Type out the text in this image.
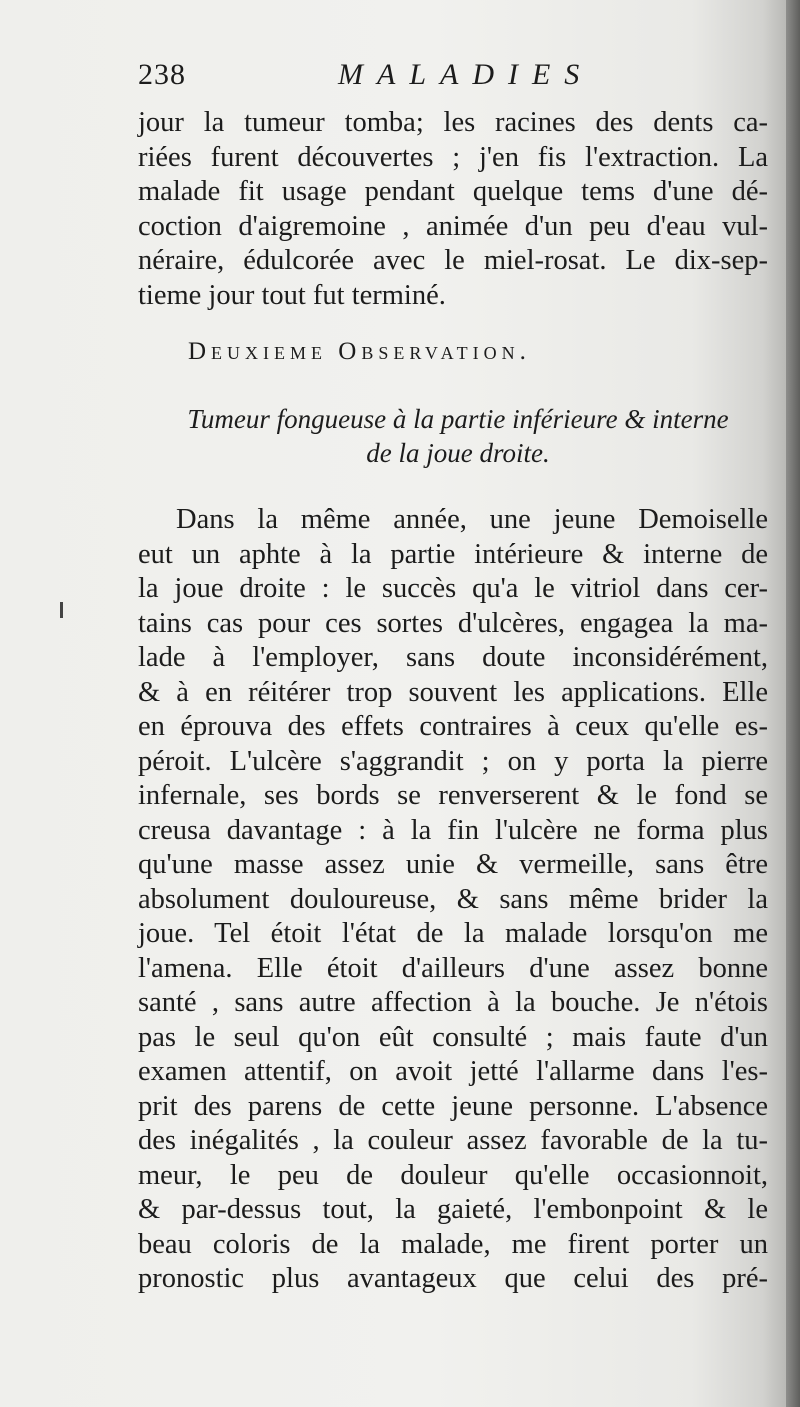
238	MALADIES
jour la tumeur tomba; les racines des dents ca-
riées furent découvertes ; j'en fis l'extraction. La
malade fit usage pendant quelque tems d'une dé-
coction d'aigremoine , animée d'un peu d'eau vul-
néraire, édulcorée avec le miel-rosat. Le dix-sep-
tieme jour tout fut terminé.
Deuxieme Observation.
Tumeur fongueuse à la partie inférieure & interne
de la joue droite.
Dans la même année, une jeune Demoiselle
eut un aphte à la partie intérieure & interne de
la joue droite : le succès qu'a le vitriol dans cer-
tains cas pour ces sortes d'ulcères, engagea la ma-
lade à l'employer, sans doute inconsidérément,
& à en réitérer trop souvent les applications. Elle
en éprouva des effets contraires à ceux qu'elle es-
péroit. L'ulcère s'aggrandit ; on y porta la pierre
infernale, ses bords se renverserent & le fond se
creusa davantage : à la fin l'ulcère ne forma plus
qu'une masse assez unie & vermeille, sans être
absolument douloureuse, & sans même brider la
joue. Tel étoit l'état de la malade lorsqu'on me
l'amena. Elle étoit d'ailleurs d'une assez bonne
santé , sans autre affection à la bouche. Je n'étois
pas le seul qu'on eût consulté ; mais faute d'un
examen attentif, on avoit jetté l'allarme dans l'es-
prit des parens de cette jeune personne. L'absence
des inégalités , la couleur assez favorable de la tu-
meur, le peu de douleur qu'elle occasionnoit,
& par-dessus tout, la gaieté, l'embonpoint & le
beau coloris de la malade, me firent porter un
pronostic plus avantageux que celui des pré-
